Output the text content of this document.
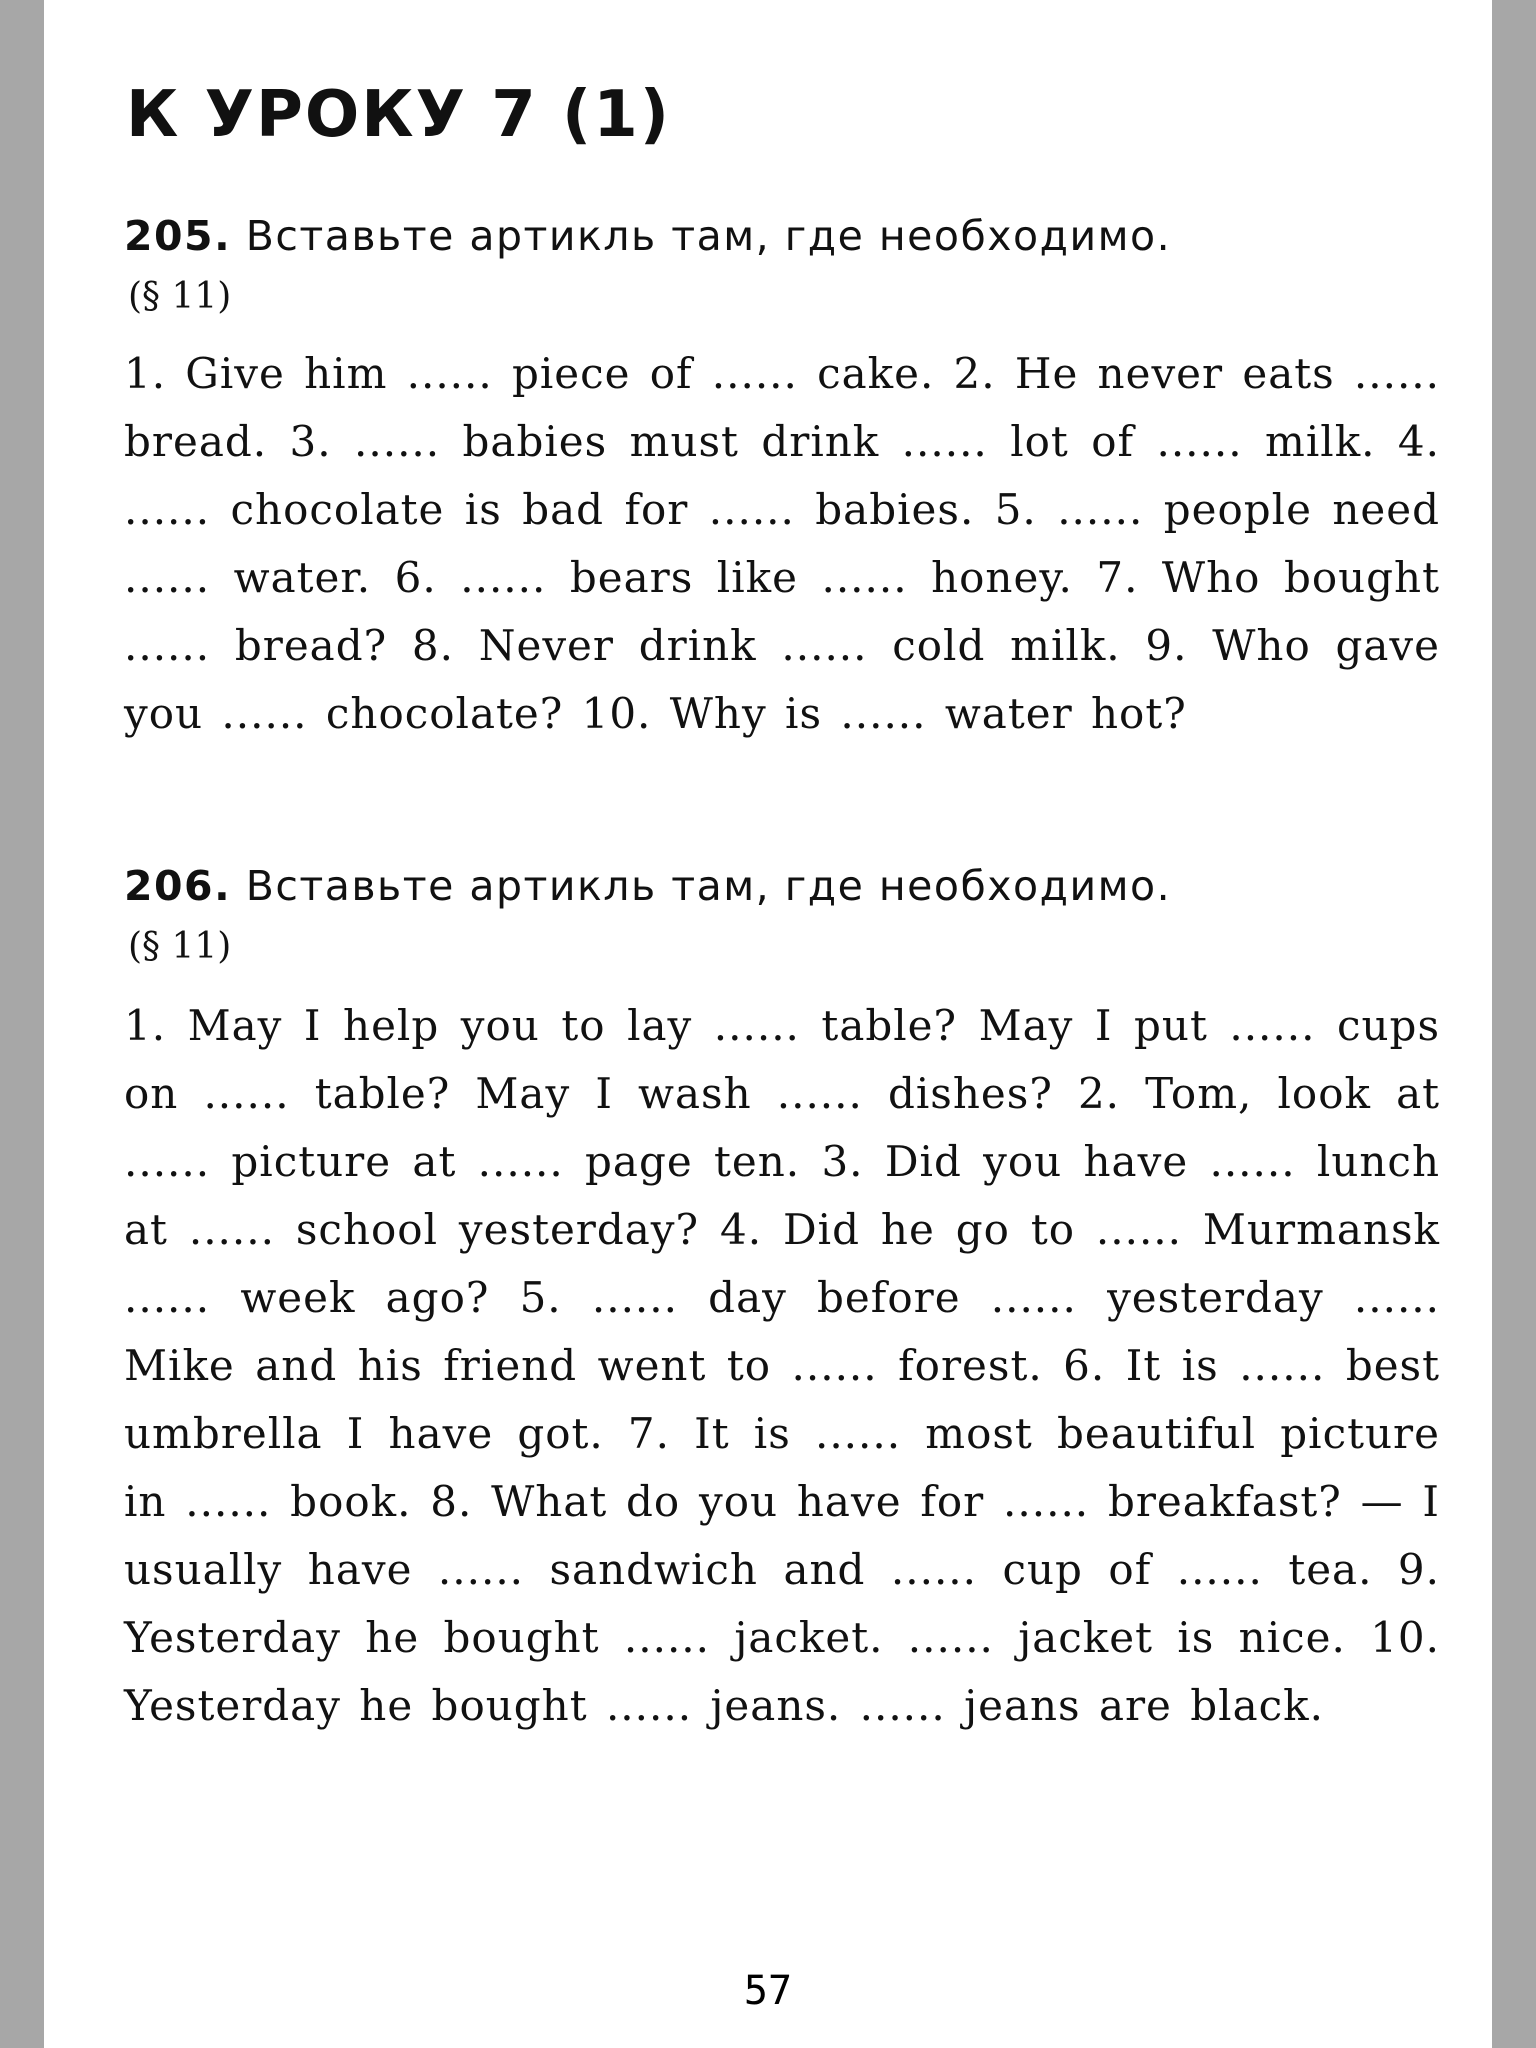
К УРОКУ 7 (1)
205. Вставьте артикль там, где необходимо.
(§ 11)

1. Give him ...... piece of ...... cake. 2. He never eats ...... bread. 3. ...... babies must drink ...... lot of ...... milk. 4. ...... chocolate is bad for ...... babies. 5. ...... people need ...... water. 6. ...... bears like ...... honey. 7. Who bought ...... bread? 8. Never drink ...... cold milk. 9. Who gave you ...... chocolate? 10. Why is ...... water hot?

206. Вставьте артикль там, где необходимо.
(§ 11)

1. May I help you to lay ...... table? May I put ...... cups on ...... table? May I wash ...... dishes? 2. Tom, look at ...... picture at ...... page ten. 3. Did you have ...... lunch at ...... school yesterday? 4. Did he go to ...... Murmansk ...... week ago? 5. ...... day before ...... yesterday ...... Mike and his friend went to ...... forest. 6. It is ...... best umbrella I have got. 7. It is ...... most beautiful picture in ...... book. 8. What do you have for ...... breakfast? — I usually have ...... sandwich and ...... cup of ...... tea. 9. Yesterday he bought ...... jacket. ...... jacket is nice. 10. Yesterday he bought ...... jeans. ...... jeans are black.

57
